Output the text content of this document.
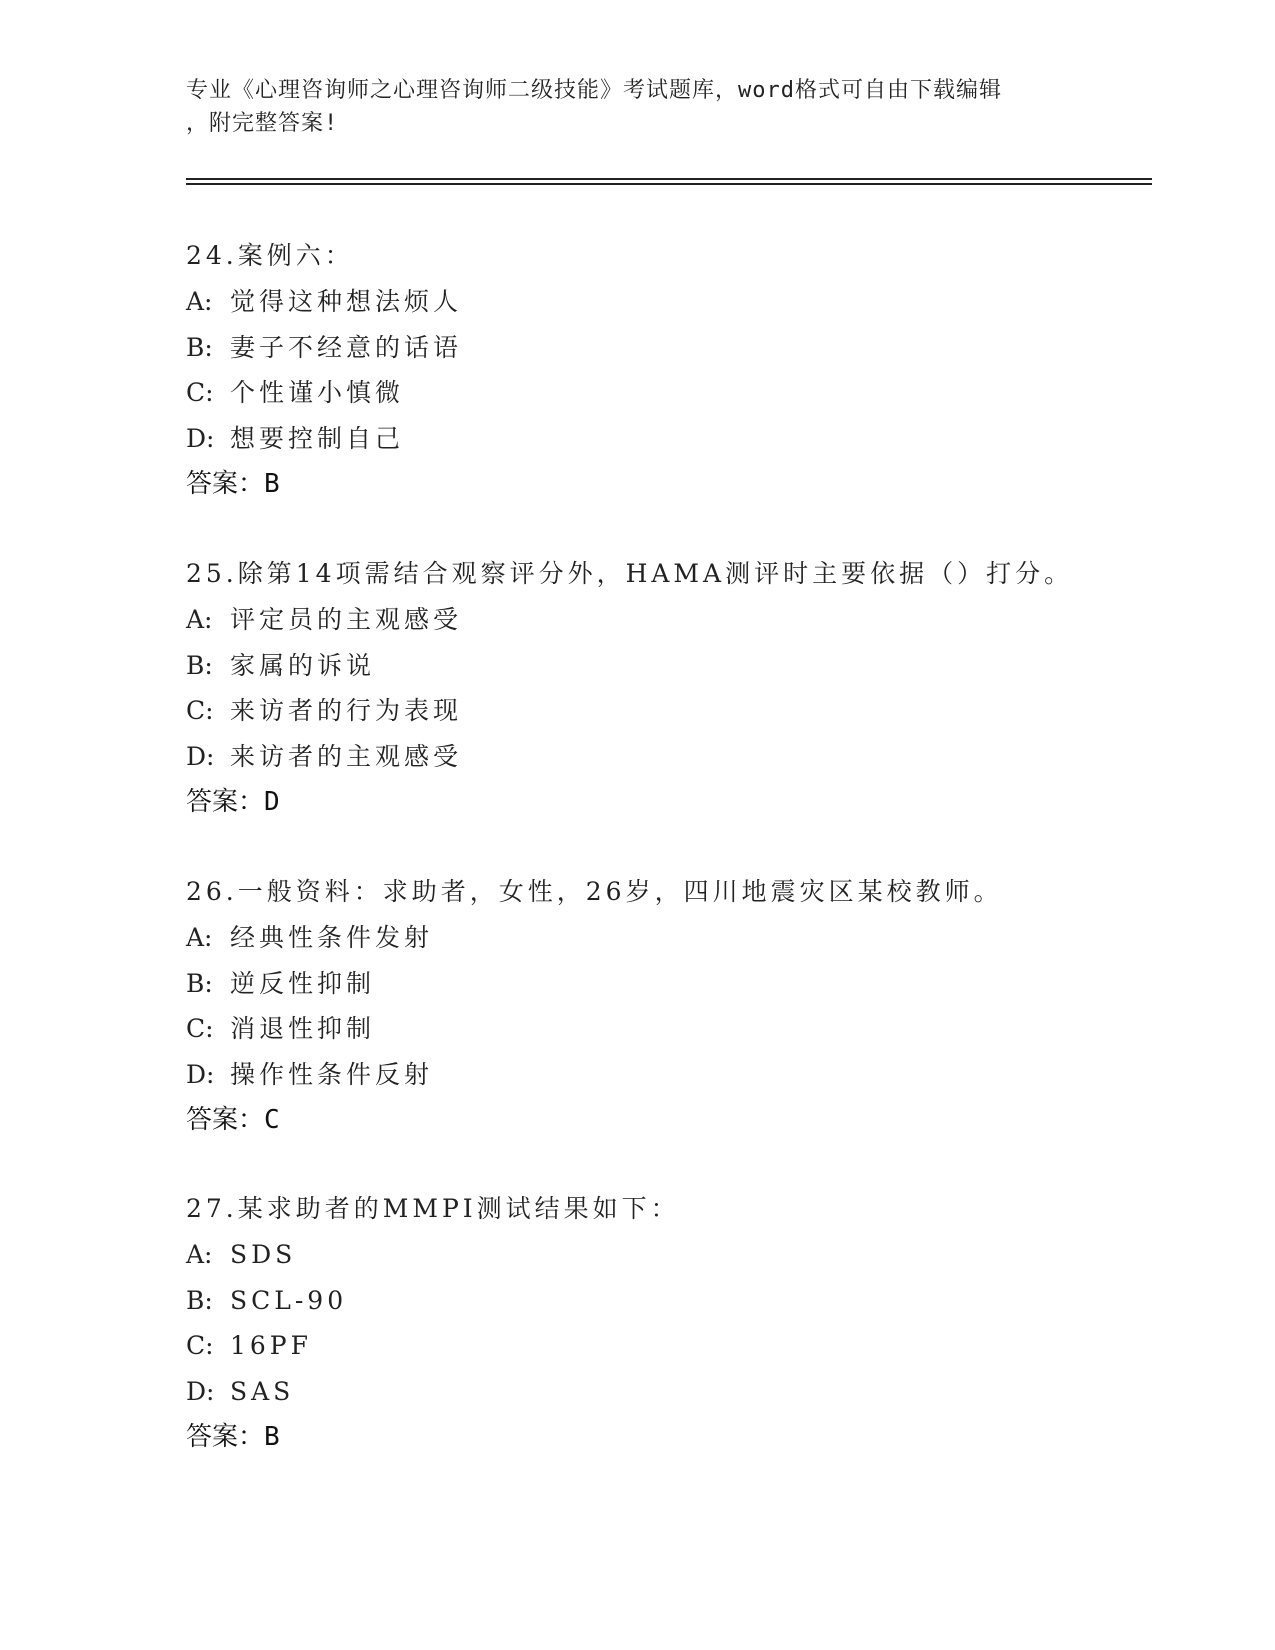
专业《心理咨询师之心理咨询师二级技能》考试题库，word格式可自由下载编辑
，附完整答案!
24.案例六：
A: 觉得这种想法烦人
B: 妻子不经意的话语
C: 个性谨小慎微
D: 想要控制自己
答案：B
25.除第14项需结合观察评分外，HAMA测评时主要依据（）打分。
A: 评定员的主观感受
B: 家属的诉说
C: 来访者的行为表现
D: 来访者的主观感受
答案：D
26.一般资料：求助者，女性，26岁，四川地震灾区某校教师。
A: 经典性条件发射
B: 逆反性抑制
C: 消退性抑制
D: 操作性条件反射
答案：C
27.某求助者的MMPI测试结果如下：
A: SDS
B: SCL-90
C: 16PF
D: SAS
答案：B
